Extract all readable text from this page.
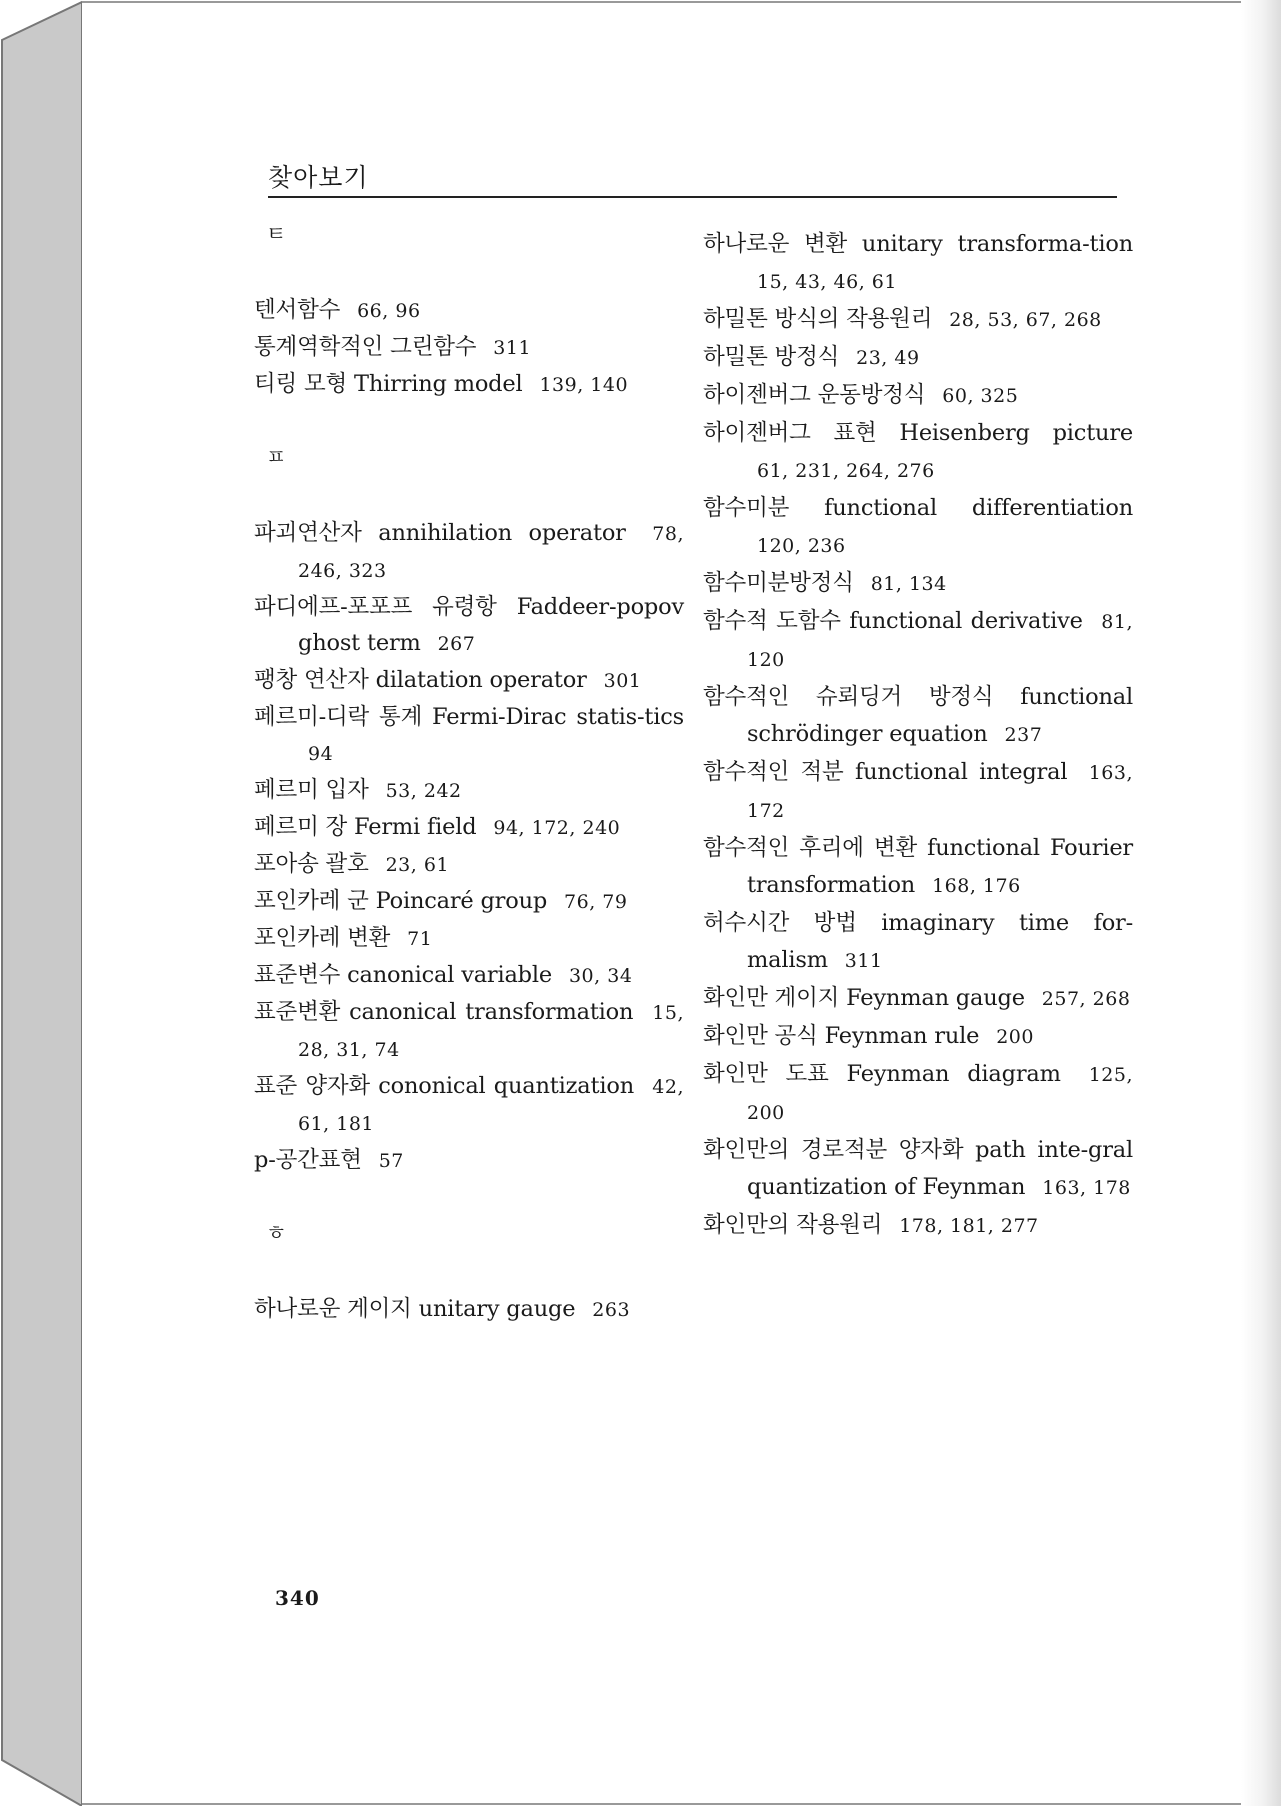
찾아보기
ㅌ
텐서함수 66, 96
통계역학적인 그린함수 311
티링 모형 Thirring model 139, 140
ㅍ
파괴연산자 annihilation operator 78, 246, 323
파디에프-포포프 유령항 Faddeer-popov ghost term 267
팽창 연산자 dilatation operator 301
페르미-디락 통계 Fermi-Dirac statis-tics 94
페르미 입자 53, 242
페르미 장 Fermi field 94, 172, 240
포아송 괄호 23, 61
포인카레 군 Poincaré group 76, 79
포인카레 변환 71
표준변수 canonical variable 30, 34
표준변환 canonical transformation 15, 28, 31, 74
표준 양자화 cononical quantization 42, 61, 181
p-공간표현 57
ㅎ
하나로운 게이지 unitary gauge 263
하나로운 변환 unitary transforma-tion 15, 43, 46, 61
하밀톤 방식의 작용원리 28, 53, 67, 268
하밀톤 방정식 23, 49
하이젠버그 운동방정식 60, 325
하이젠버그 표현 Heisenberg picture 61, 231, 264, 276
함수미분 functional differentiation 120, 236
함수미분방정식 81, 134
함수적 도함수 functional derivative 81, 120
함수적인 슈뢰딩거 방정식 functional schrödinger equation 237
함수적인 적분 functional integral 163, 172
함수적인 후리에 변환 functional Fourier transformation 168, 176
허수시간 방법 imaginary time for-malism 311
화인만 게이지 Feynman gauge 257, 268
화인만 공식 Feynman rule 200
화인만 도표 Feynman diagram 125, 200
화인만의 경로적분 양자화 path inte-gral quantization of Feynman 163, 178
화인만의 작용원리 178, 181, 277
340
